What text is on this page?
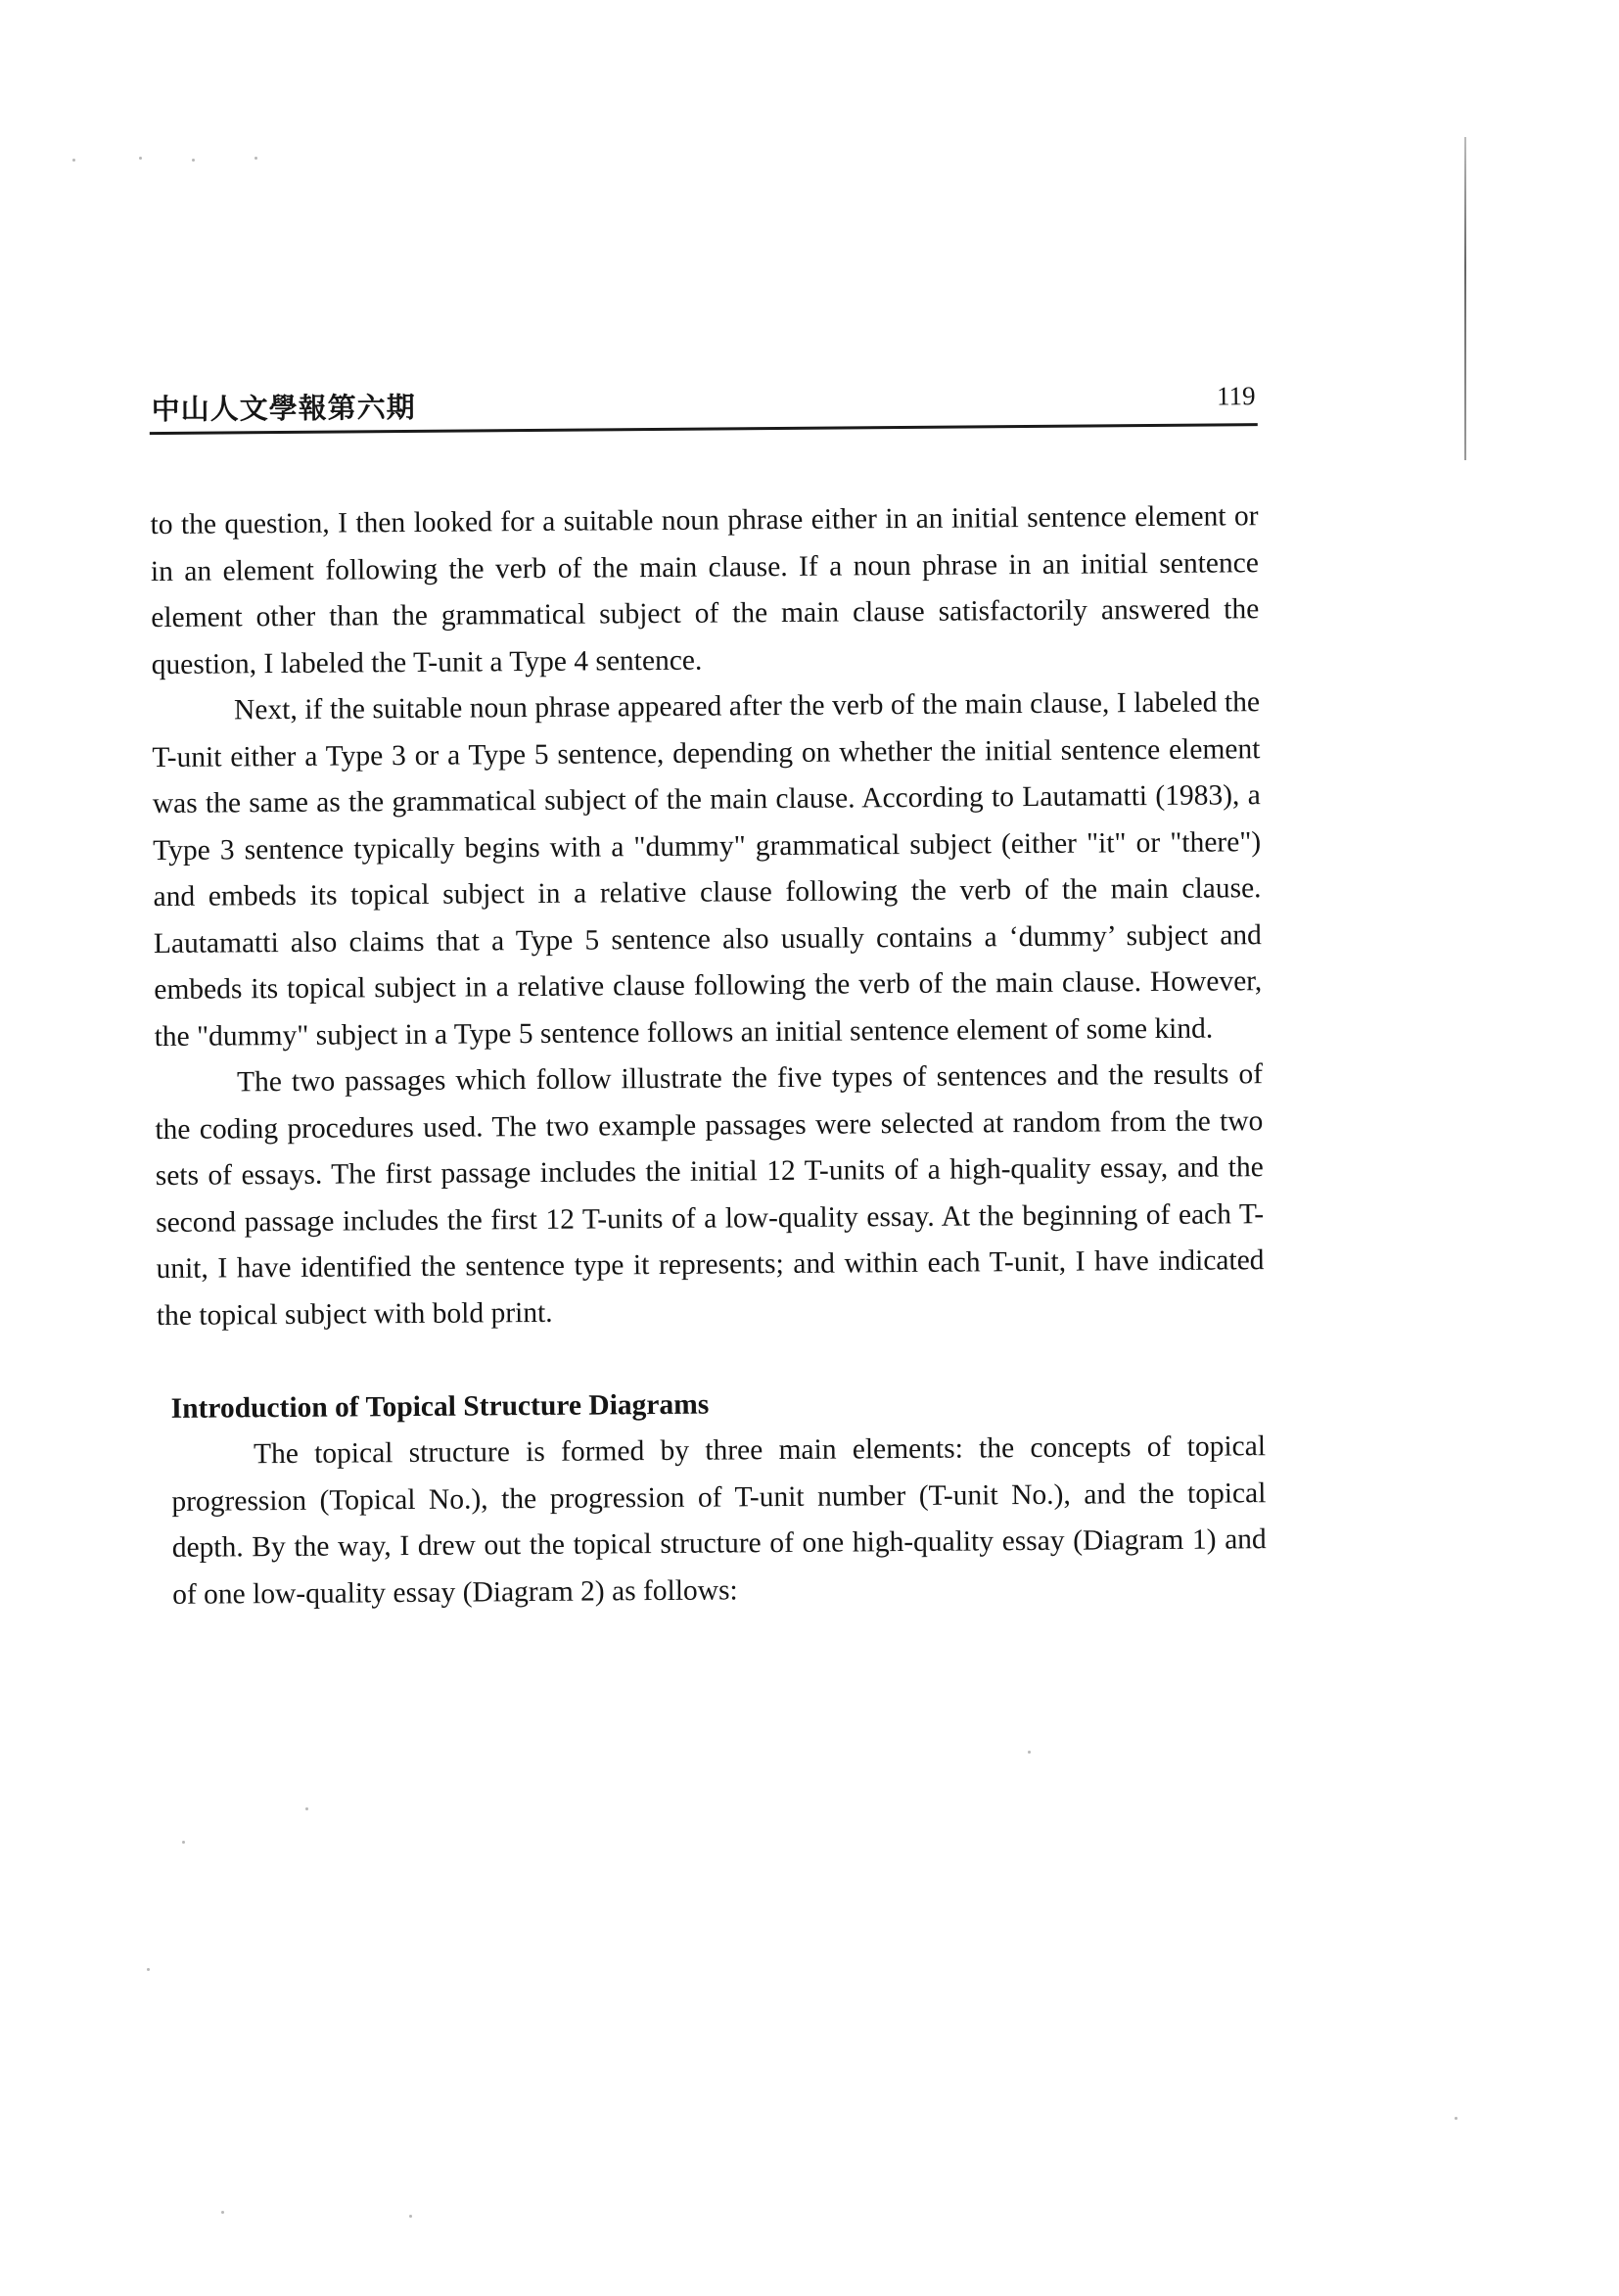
中山人文學報第六期	119

to the question, I then looked for a suitable noun phrase either in an initial sentence element or in an element following the verb of the main clause. If a noun phrase in an initial sentence element other than the grammatical subject of the main clause satisfactorily answered the question, I labeled the T-unit a Type 4 sentence.

Next, if the suitable noun phrase appeared after the verb of the main clause, I labeled the T-unit either a Type 3 or a Type 5 sentence, depending on whether the initial sentence element was the same as the grammatical subject of the main clause. According to Lautamatti (1983), a Type 3 sentence typically begins with a "dummy" grammatical subject (either "it" or "there") and embeds its topical subject in a relative clause following the verb of the main clause. Lautamatti also claims that a Type 5 sentence also usually contains a ‘dummy’ subject and embeds its topical subject in a relative clause following the verb of the main clause. However, the "dummy" subject in a Type 5 sentence follows an initial sentence element of some kind.

The two passages which follow illustrate the five types of sentences and the results of the coding procedures used. The two example passages were selected at random from the two sets of essays. The first passage includes the initial 12 T-units of a high-quality essay, and the second passage includes the first 12 T-units of a low-quality essay. At the beginning of each T-unit, I have identified the sentence type it represents; and within each T-unit, I have indicated the topical subject with bold print.

Introduction of Topical Structure Diagrams

The topical structure is formed by three main elements: the concepts of topical progression (Topical No.), the progression of T-unit number (T-unit No.), and the topical depth. By the way, I drew out the topical structure of one high-quality essay (Diagram 1) and of one low-quality essay (Diagram 2) as follows:
